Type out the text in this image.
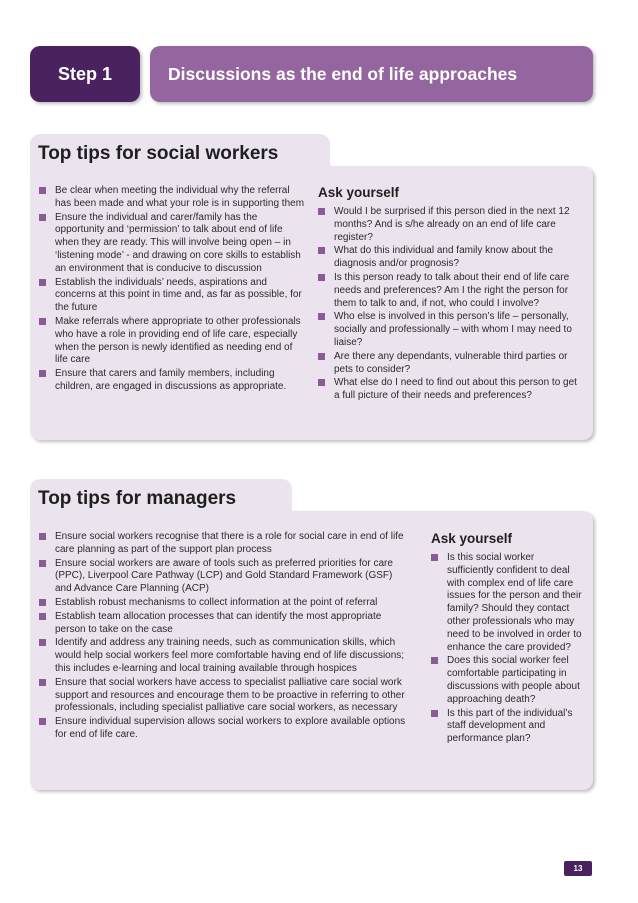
Step 1	Discussions as the end of life approaches
Top tips for social workers
Be clear when meeting the individual why the referral has been made and what your role is in supporting them
Ensure the individual and carer/family has the opportunity and ‘permission’ to talk about end of life when they are ready. This will involve being open – in ‘listening mode’ - and drawing on core skills to establish an environment that is conducive to discussion
Establish the individuals’ needs, aspirations and concerns at this point in time and, as far as possible, for the future
Make referrals where appropriate to other professionals who have a role in providing end of life care, especially when the person is newly identified as needing end of life care
Ensure that carers and family members, including children, are engaged in discussions as appropriate.
Ask yourself
Would I be surprised if this person died in the next 12 months? And is s/he already on an end of life care register?
What do this individual and family know about the diagnosis and/or prognosis?
Is this person ready to talk about their end of life care needs and preferences? Am I the right the person for them to talk to and, if not, who could I involve?
Who else is involved in this person’s life – personally, socially and professionally – with whom I may need to liaise?
Are there any dependants, vulnerable third parties or pets to consider?
What else do I need to find out about this person to get a full picture of their needs and preferences?
Top tips for managers
Ensure social workers recognise that there is a role for social care in end of life care planning as part of the support plan process
Ensure social workers are aware of tools such as preferred priorities for care (PPC), Liverpool Care Pathway (LCP) and Gold Standard Framework (GSF) and Advance Care Planning (ACP)
Establish robust mechanisms to collect information at the point of referral
Establish team allocation processes that can identify the most appropriate person to take on the case
Identify and address any training needs, such as communication skills, which would help social workers feel more comfortable having end of life discussions; this includes e-learning and local training available through hospices
Ensure that social workers have access to specialist palliative care social work support and resources and encourage them to be proactive in referring to other professionals, including specialist palliative care social workers, as necessary
Ensure individual supervision allows social workers to explore available options for end of life care.
Ask yourself
Is this social worker sufficiently confident to deal with complex end of life care issues for the person and their family? Should they contact other professionals who may need to be involved in order to enhance the care provided?
Does this social worker feel comfortable participating in discussions with people about approaching death?
Is this part of the individual’s staff development and performance plan?
13
